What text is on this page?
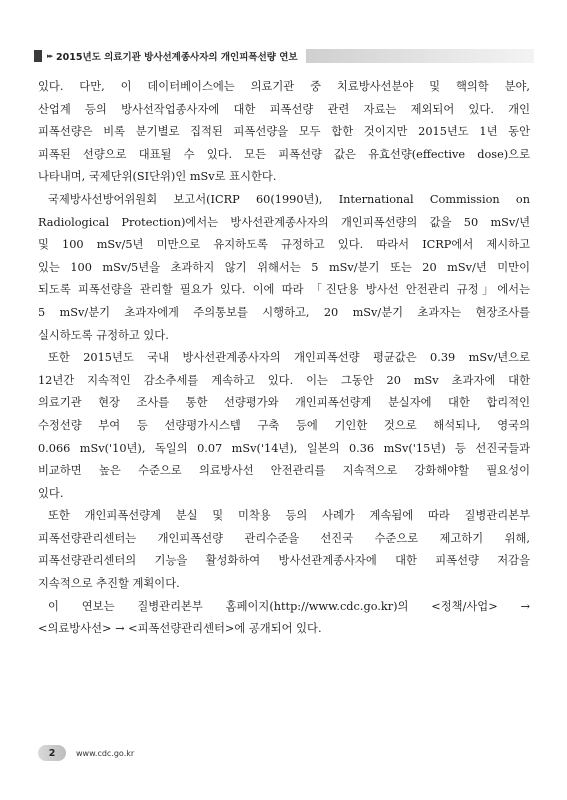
▸▸ 2015년도 의료기관 방사선계종사자의 개인피폭선량 연보
있다. 다만, 이 데이터베이스에는 의료기관 중 치료방사선분야 및 핵의학 분야,
산업계 등의 방사선작업종사자에 대한 피폭선량 관련 자료는 제외되어 있다. 개인
피폭선량은 비록 분기별로 집적된 피폭선량을 모두 합한 것이지만 2015년도 1년 동안
피폭된 선량으로 대표될 수 있다. 모든 피폭선량 값은 유효선량(effective dose)으로
나타내며, 국제단위(SI단위)인 mSv로 표시한다.
국제방사선방어위원회 보고서(ICRP 60(1990년), International Commission on
Radiological Protection)에서는 방사선관계종사자의 개인피폭선량의 값을 50 mSv/년
및 100 mSv/5년 미만으로 유지하도록 규정하고 있다. 따라서 ICRP에서 제시하고
있는 100 mSv/5년을 초과하지 않기 위해서는 5 mSv/분기 또는 20 mSv/년 미만이
되도록 피폭선량을 관리할 필요가 있다. 이에 따라 「진단용 방사선 안전관리 규정」에서는
5 mSv/분기 초과자에게 주의통보를 시행하고, 20 mSv/분기 초과자는 현장조사를
실시하도록 규정하고 있다.
또한 2015년도 국내 방사선관계종사자의 개인피폭선량 평균값은 0.39 mSv/년으로
12년간 지속적인 감소추세를 계속하고 있다. 이는 그동안 20 mSv 초과자에 대한
의료기관 현장 조사를 통한 선량평가와 개인피폭선량계 분실자에 대한 합리적인
수정선량 부여 등 선량평가시스템 구축 등에 기인한 것으로 해석되나, 영국의
0.066 mSv('10년), 독일의 0.07 mSv('14년), 일본의 0.36 mSv('15년) 등 선진국들과
비교하면 높은 수준으로 의료방사선 안전관리를 지속적으로 강화해야할 필요성이
있다.
또한 개인피폭선량계 분실 및 미착용 등의 사례가 계속됨에 따라 질병관리본부
피폭선량관리센터는 개인피폭선량 관리수준을 선진국 수준으로 제고하기 위해,
피폭선량관리센터의 기능을 활성화하여 방사선관계종사자에 대한 피폭선량 저감을
지속적으로 추진할 계획이다.
이 연보는 질병관리본부 홈페이지(http://www.cdc.go.kr)의 <정책/사업> →
<의료방사선> → <피폭선량관리센터>에 공개되어 있다.
2	www.cdc.go.kr
